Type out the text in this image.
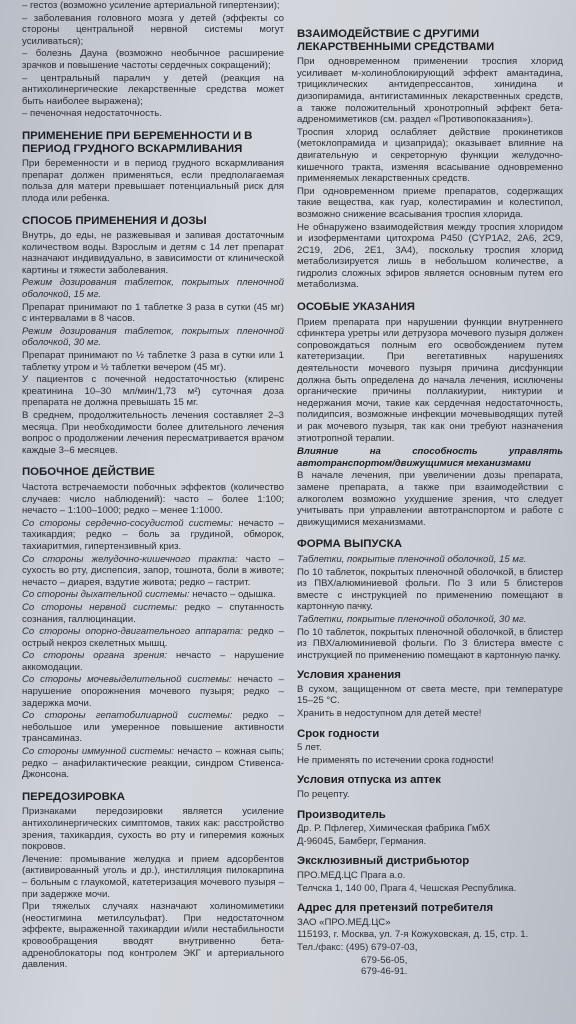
– гестоз (возможно усиление артериальной гипертензии);

– заболевания головного мозга у детей (эффекты со стороны центральной нервной системы могут усиливаться);

– болезнь Дауна (возможно необычное расширение зрачков и повышение частоты сердечных сокращений);

– центральный паралич у детей (реакция на антихолинергические лекарственные средства может быть наиболее выражена);

– печеночная недостаточность.

ПРИМЕНЕНИЕ ПРИ БЕРЕМЕННОСТИ И В ПЕРИОД ГРУДНОГО ВСКАРМЛИВАНИЯ

При беременности и в период грудного вскармливания препарат должен применяться, если предполагаемая польза для матери превышает потенциальный риск для плода или ребенка.

СПОСОБ ПРИМЕНЕНИЯ И ДОЗЫ

Внутрь, до еды, не разжевывая и запивая достаточным количеством воды. Взрослым и детям с 14 лет препарат назначают индивидуально, в зависимости от клинической картины и тяжести заболевания.

Режим дозирования таблеток, покрытых пленочной оболочкой, 15 мг.

Препарат принимают по 1 таблетке 3 раза в сутки (45 мг) с интервалами в 8 часов.

Режим дозирования таблеток, покрытых пленочной оболочкой, 30 мг.

Препарат принимают по ½ таблетке 3 раза в сутки или 1 таблетку утром и ½ таблетки вечером (45 мг).

У пациентов с почечной недостаточностью (клиренс креатинина 10–30 мл/мин/1,73 м²) суточная доза препарата не должна превышать 15 мг.

В среднем, продолжительность лечения составляет 2–3 месяца. При необходимости более длительного лечения вопрос о продолжении лечения пересматривается врачом каждые 3–6 месяцев.

ПОБОЧНОЕ ДЕЙСТВИЕ

Частота встречаемости побочных эффектов (количество случаев: число наблюдений): часто – более 1:100; нечасто – 1:100–1000; редко – менее 1:1000.

Со стороны сердечно-сосудистой системы: нечасто – тахикардия; редко – боль за грудиной, обморок, тахиаритмия, гипертензивный криз.

Со стороны желудочно-кишечного тракта: часто – сухость во рту, диспепсия, запор, тошнота, боли в животе; нечасто – диарея, вздутие живота; редко – гастрит.

Со стороны дыхательной системы: нечасто – одышка.

Со стороны нервной системы: редко – спутанность сознания, галлюцинации.

Со стороны опорно-двигательного аппарата: редко – острый некроз скелетных мышц.

Со стороны органа зрения: нечасто – нарушение аккомодации.

Со стороны мочевыделительной системы: нечасто – нарушение опорожнения мочевого пузыря; редко – задержка мочи.

Со стороны гепатобилиарной системы: редко – небольшое или умеренное повышение активности трансаминаз.

Со стороны иммунной системы: нечасто – кожная сыпь; редко – анафилактические реакции, синдром Стивенса-Джонсона.

ПЕРЕДОЗИРОВКА

Признаками передозировки является усиление антихолинергических симптомов, таких как: расстройство зрения, тахикардия, сухость во рту и гиперемия кожных покровов.

Лечение: промывание желудка и прием адсорбентов (активированный уголь и др.), инстилляция пилокарпина – больным с глаукомой, катетеризация мочевого пузыря – при задержке мочи.

При тяжелых случаях назначают холиномиметики (неостигмина метилсульфат). При недостаточном эффекте, выраженной тахикардии и/или нестабильности кровообращения вводят внутривенно бета-адреноблокаторы под контролем ЭКГ и артериального давления.

ВЗАИМОДЕЙСТВИЕ С ДРУГИМИ ЛЕКАРСТВЕННЫМИ СРЕДСТВАМИ

При одновременном применении троспия хлорид усиливает м-холиноблокирующий эффект амантадина, трициклических антидепрессантов, хинидина и дизопирамида, антигистаминных лекарственных средств, а также положительный хронотропный эффект бета-адреномиметиков (см. раздел «Противопоказания»).

Троспия хлорид ослабляет действие прокинетиков (метоклопрамида и цизаприда); оказывает влияние на двигательную и секреторную функции желудочно-кишечного тракта, изменяя всасывание одновременно применяемых лекарственных средств.

При одновременном приеме препаратов, содержащих такие вещества, как гуар, колестирамин и колестипол, возможно снижение всасывания троспия хлорида.

Не обнаружено взаимодействия между троспия хлоридом и изоферментами цитохрома P450 (CYP1A2, 2A6, 2C9, 2C19, 2D6, 2E1, 3A4), поскольку троспия хлорид метаболизируется лишь в небольшом количестве, а гидролиз сложных эфиров является основным путем его метаболизма.

ОСОБЫЕ УКАЗАНИЯ

Прием препарата при нарушении функции внутреннего сфинктера уретры или детрузора мочевого пузыря должен сопровождаться полным его освобождением путем катетеризации. При вегетативных нарушениях деятельности мочевого пузыря причина дисфункции должна быть определена до начала лечения, исключены органические причины поллакиурии, никтурии и недержания мочи, такие как сердечная недостаточность, полидипсия, возможные инфекции мочевыводящих путей и рак мочевого пузыря, так как они требуют назначения этиотропной терапии.

Влияние на способность управлять автотранспортом/движущимися механизмами

В начале лечения, при увеличении дозы препарата, замене препарата, а также при взаимодействии с алкоголем возможно ухудшение зрения, что следует учитывать при управлении автотранспортом и работе с движущимися механизмами.

ФОРМА ВЫПУСКА

Таблетки, покрытые пленочной оболочкой, 15 мг.

По 10 таблеток, покрытых пленочной оболочкой, в блистер из ПВХ/алюминиевой фольги. По 3 или 5 блистеров вместе с инструкцией по применению помещают в картонную пачку.

Таблетки, покрытые пленочной оболочкой, 30 мг.

По 10 таблеток, покрытых пленочной оболочкой, в блистер из ПВХ/алюминиевой фольги. По 3 блистера вместе с инструкцией по применению помещают в картонную пачку.

Условия хранения

В сухом, защищенном от света месте, при температуре 15–25 °C.

Хранить в недоступном для детей месте!

Срок годности

5 лет.

Не применять по истечении срока годности!

Условия отпуска из аптек

По рецепту.

Производитель

Др. Р. Пфлегер, Химическая фабрика ГмбХ

Д-96045, Бамберг, Германия.

Эксклюзивный дистрибьютор

ПРО.МЕД.ЦС Прага а.о.

Телчска 1, 140 00, Прага 4, Чешская Республика.

Адрес для претензий потребителя

ЗАО «ПРО.МЕД.ЦС»

115193, г. Москва, ул. 7-я Кожуховская, д. 15, стр. 1.

Тел./факс: (495) 679-07-03,

679-56-05,
679-46-91.
